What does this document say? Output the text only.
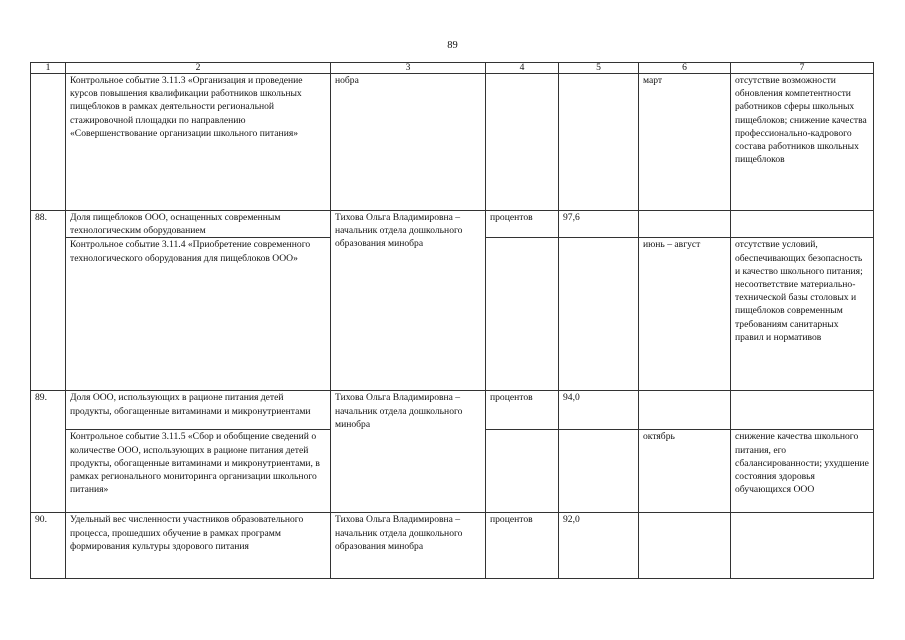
89
1	2	3	4	5	6	7
	Контрольное событие 3.11.3 «Организация и проведение курсов повышения квалификации работников школьных пищеблоков в рамках деятельности региональной стажировочной площадки по направлению «Совершенствование организации школьного питания»	нобра			март	отсутствие возможности обновления компетентности работников сферы школьных пищеблоков; снижение качества профессионально-кадрового состава работников школьных пищеблоков
88.	Доля пищеблоков ООО, оснащенных современным технологическим оборудованием	Тихова Ольга Владимировна – начальник отдела дошкольного образования минобра	процентов	97,6		
	Контрольное событие 3.11.4 «Приобретение современного технологического оборудования для пищеблоков ООО»				июнь – август	отсутствие условий, обеспечивающих безопасность и качество школьного питания; несоответствие материально-технической базы столовых и пищеблоков современным требованиям санитарных правил и нормативов
89.	Доля ООО, использующих в рационе питания детей продукты, обогащенные витаминами и микронутриентами	Тихова Ольга Владимировна – начальник отдела дошкольного минобра	процентов	94,0		
	Контрольное событие 3.11.5 «Сбор и обобщение сведений о количестве ООО, использующих в рационе питания детей продукты, обогащенные витаминами и микронутриентами, в рамках регионального мониторинга организации школьного питания»				октябрь	снижение качества школьного питания, его сбалансированности; ухудшение состояния здоровья обучающихся ООО
90.	Удельный вес численности участников образовательного процесса, прошедших обучение в рамках программ формирования культуры здорового питания	Тихова Ольга Владимировна – начальник отдела дошкольного образования минобра	процентов	92,0		
